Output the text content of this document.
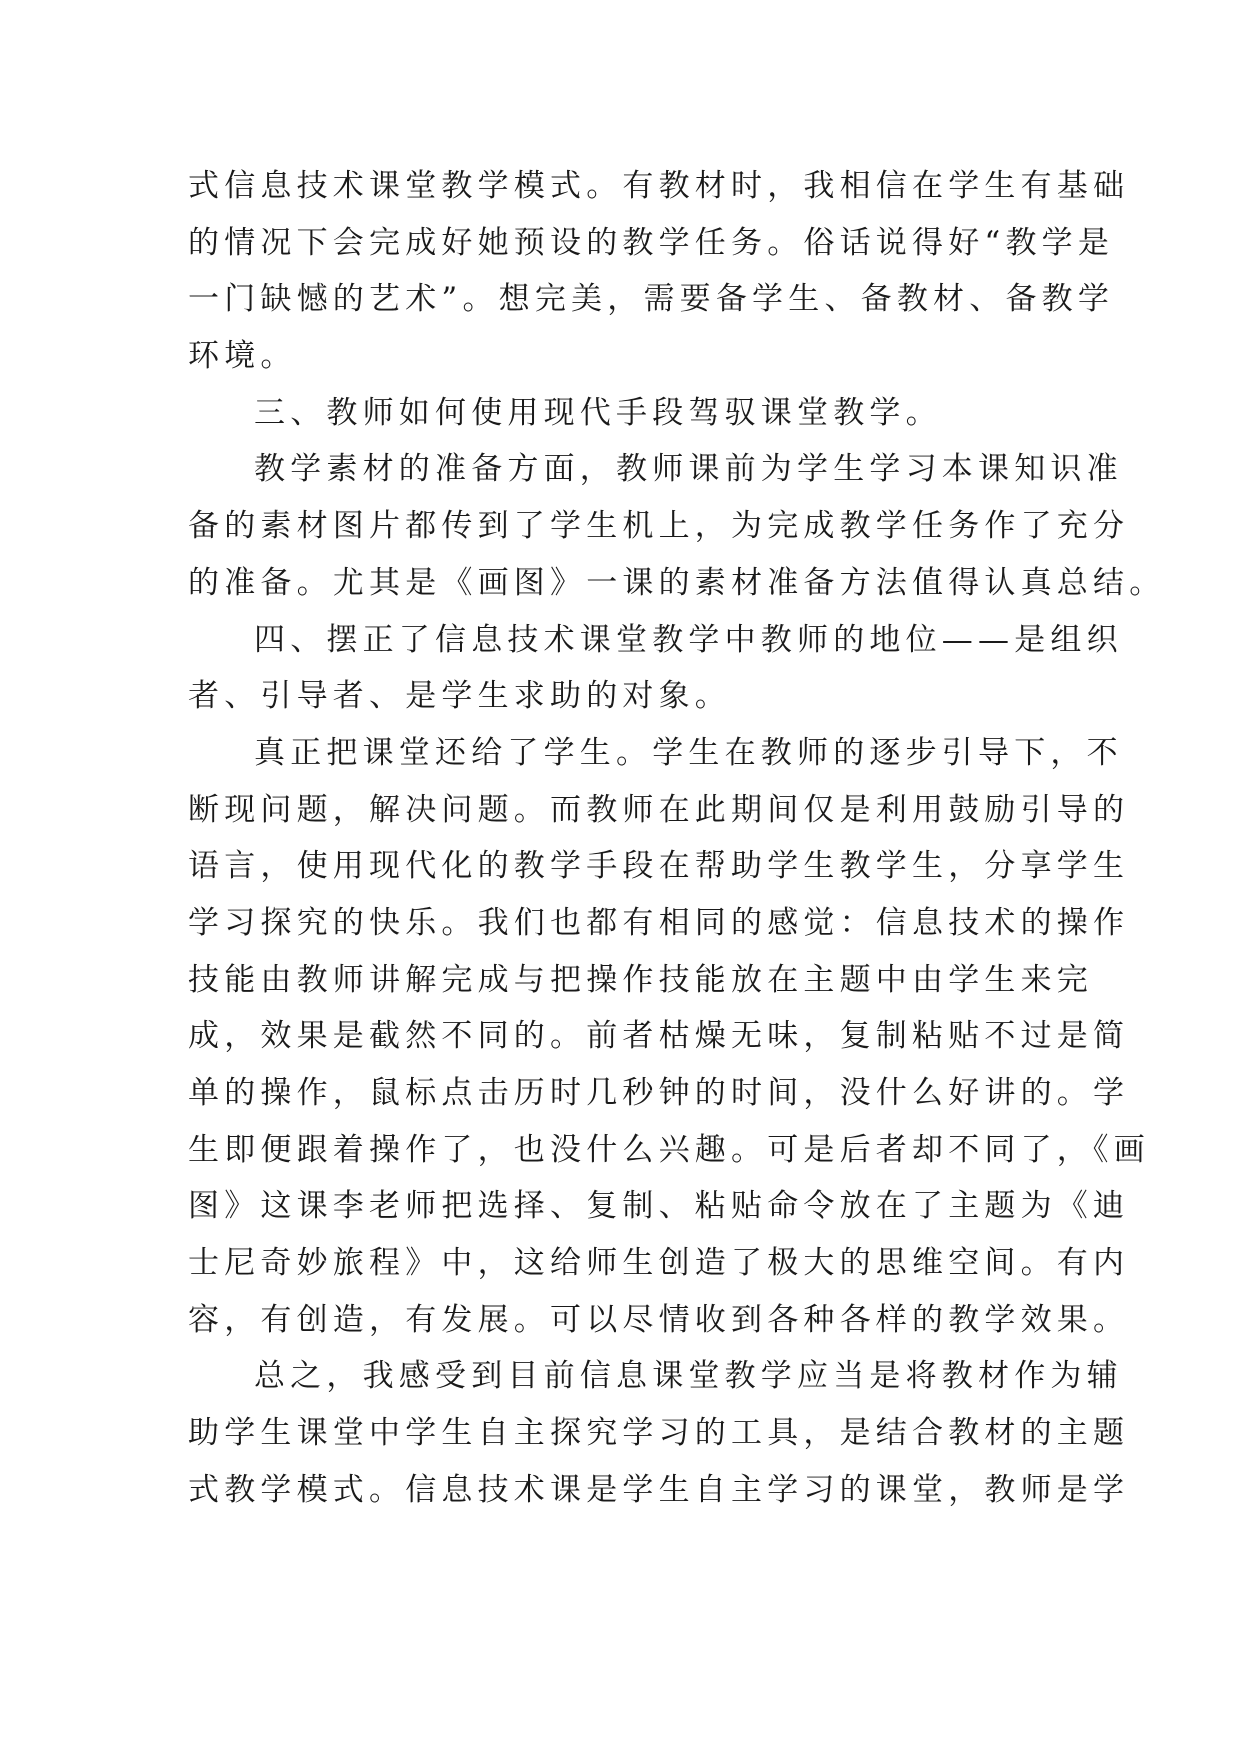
式信息技术课堂教学模式。有教材时，我相信在学生有基础
的情况下会完成好她预设的教学任务。俗话说得好“教学是
一门缺憾的艺术”。想完美，需要备学生、备教材、备教学
环境。
三、教师如何使用现代手段驾驭课堂教学。
教学素材的准备方面，教师课前为学生学习本课知识准
备的素材图片都传到了学生机上，为完成教学任务作了充分
的准备。尤其是《画图》一课的素材准备方法值得认真总结。
四、摆正了信息技术课堂教学中教师的地位——是组织
者、引导者、是学生求助的对象。
真正把课堂还给了学生。学生在教师的逐步引导下，不
断现问题，解决问题。而教师在此期间仅是利用鼓励引导的
语言，使用现代化的教学手段在帮助学生教学生，分享学生
学习探究的快乐。我们也都有相同的感觉：信息技术的操作
技能由教师讲解完成与把操作技能放在主题中由学生来完
成，效果是截然不同的。前者枯燥无味，复制粘贴不过是简
单的操作，鼠标点击历时几秒钟的时间，没什么好讲的。学
生即便跟着操作了，也没什么兴趣。可是后者却不同了，《画
图》这课李老师把选择、复制、粘贴命令放在了主题为《迪
士尼奇妙旅程》中，这给师生创造了极大的思维空间。有内
容，有创造，有发展。可以尽情收到各种各样的教学效果。
总之，我感受到目前信息课堂教学应当是将教材作为辅
助学生课堂中学生自主探究学习的工具，是结合教材的主题
式教学模式。信息技术课是学生自主学习的课堂，教师是学
